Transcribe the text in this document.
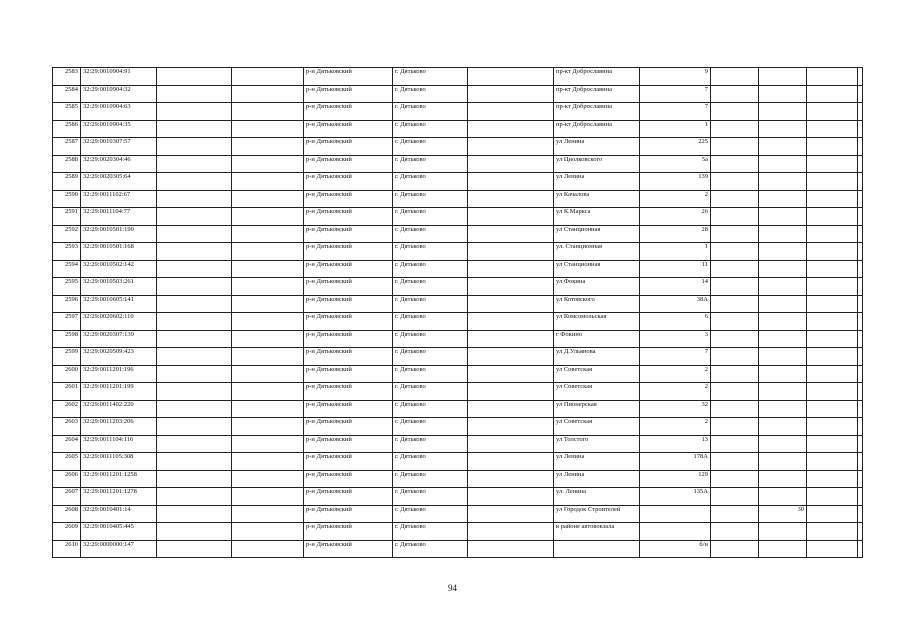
2583	32:29:0010904:91			р-н Дятьковский	г. Дятьково		пр-кт Доброславина	9				
2584	32:29:0010904:32			р-н Дятьковский	г. Дятьково		пр-кт Доброславина	7				
2585	32:29:0010904:63			р-н Дятьковский	г. Дятьково		пр-кт Доброславина	7				
2586	32:29:0010904:35			р-н Дятьковский	г. Дятьково		пр-кт Доброславина	1				
2587	32:29:0010307:57			р-н Дятьковский	г. Дятьково		ул Ленина	225				
2588	32:29:0020304:46			р-н Дятьковский	г. Дятьково		ул Циолковского	5а				
2589	32:29:0020305:64			р-н Дятьковский	г. Дятьково		ул Ленина	139				
2590	32:29:0011102:67			р-н Дятьковский	г. Дятьково		ул Качалова	2				
2591	32:29:0011104:77			р-н Дятьковский	г. Дятьково		ул К.Маркса	26				
2592	32:29:0010501:190			р-н Дятьковский	г. Дятьково		ул Станционная	28				
2593	32:29:0010501:168			р-н Дятьковский	г. Дятьково		ул. Станционная	1				
2594	32:29:0010502:142			р-н Дятьковский	г. Дятьково		ул Станционная	11				
2595	32:29:0010503:261			р-н Дятьковский	г. Дятьково		ул Фокина	14				
2596	32:29:0010605:141			р-н Дятьковский	г. Дятьково		ул Котовского	38А				
2597	32:29:0020602:110			р-н Дятьковский	г. Дятьково		ул Комсомольская	6				
2598	32:29:0020307:139			р-н Дятьковский	г. Дятьково		г Фокино	3				
2599	32:29:0020509:423			р-н Дятьковский	г. Дятьково		ул Д.Ульянова	7				
2600	32:29:0011201:196			р-н Дятьковский	г. Дятьково		ул Советская	2				
2601	32:29:0011201:199			р-н Дятьковский	г. Дятьково		ул Советская	2				
2602	32:29:0011402:220			р-н Дятьковский	г. Дятьково		ул Пионерская	32				
2603	32:29:0011203:206			р-н Дятьковский	г. Дятьково		ул Советская	2				
2604	32:29:0011104:116			р-н Дятьковский	г. Дятьково		ул Толстого	13				
2605	32:29:0011105:308			р-н Дятьковский	г. Дятьково		ул Ленина	178А				
2606	32:29:0011201:1258			р-н Дятьковский	г. Дятьково		ул Ленина	129				
2607	32:29:0011201:1278			р-н Дятьковский	г. Дятьково		ул. Ленина	135А				
2608	32:29:0010401:14			р-н Дятьковский	г. Дятьково		ул Городок Строителей			30		
2609	32:29:0010405:445			р-н Дятьковский	г. Дятьково		в районе автовокзала					
2610	32:29:0000000:147			р-н Дятьковский	г. Дятьково			б/н				
94
